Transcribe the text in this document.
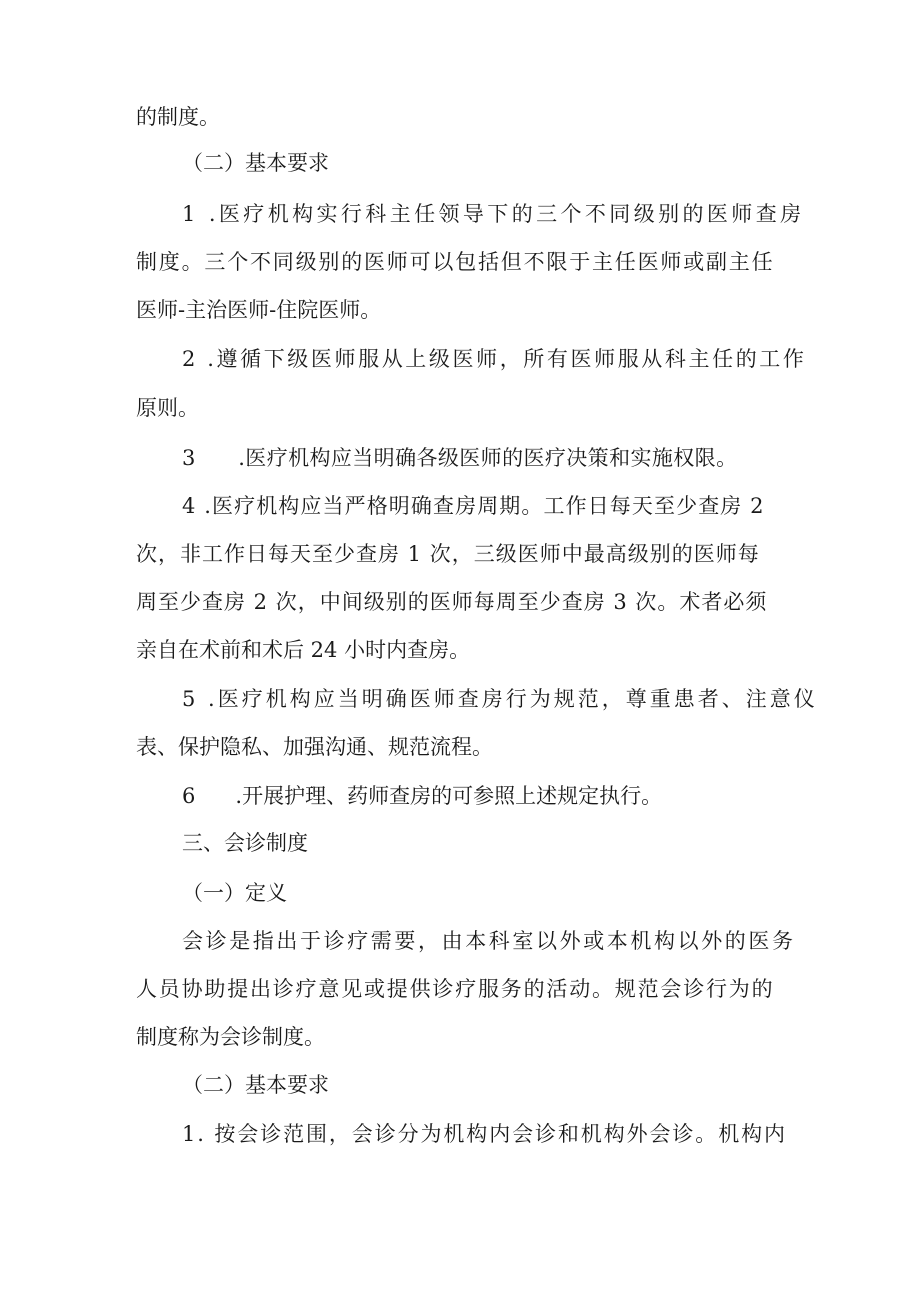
的制度。
（二）基本要求
1 .医疗机构实行科主任领导下的三个不同级别的医师查房
制度。三个不同级别的医师可以包括但不限于主任医师或副主任
医师-主治医师-住院医师。
2 .遵循下级医师服从上级医师，所有医师服从科主任的工作
原则。
3      .医疗机构应当明确各级医师的医疗决策和实施权限。
4 .医疗机构应当严格明确查房周期。工作日每天至少查房 2
次，非工作日每天至少查房 1 次，三级医师中最高级别的医师每
周至少查房 2 次，中间级别的医师每周至少查房 3 次。术者必须
亲自在术前和术后 24 小时内查房。
5 .医疗机构应当明确医师查房行为规范，尊重患者、注意仪
表、保护隐私、加强沟通、规范流程。
6      .开展护理、药师查房的可参照上述规定执行。
三、会诊制度
（一）定义
会诊是指出于诊疗需要，由本科室以外或本机构以外的医务
人员协助提出诊疗意见或提供诊疗服务的活动。规范会诊行为的
制度称为会诊制度。
（二）基本要求
1. 按会诊范围，会诊分为机构内会诊和机构外会诊。机构内
